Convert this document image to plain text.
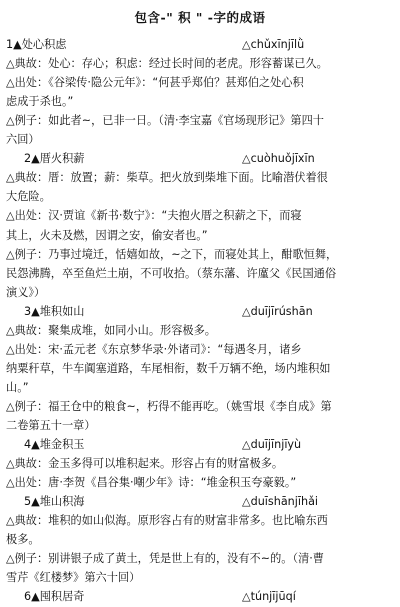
包含-" 积 " -字的成语
1▲处心积虑	△chǔxīnjīlǜ
△典故：处心：存心；积虑：经过长时间的老虎。形容蓄谋已久。
△出处：《谷梁传·隐公元年》：“何甚乎郑伯？甚郑伯之处心积
虑成于杀也。”
△例子：如此者~，已非一日。（清·李宝嘉《官场现形记》第四十
六回）
2▲厝火积薪	△cuòhuǒjīxīn
△典故：厝：放置；薪：柴草。把火放到柴堆下面。比喻潜伏着很
大危险。
△出处：汉·贾谊《新书·数宁》：“夫抱火厝之积薪之下，而寝
其上，火未及燃，因谓之安，偷安者也。”
△例子：乃事过境迁，恬嬉如故，~之下，而寝处其上，酣歌恒舞，
民怨沸腾，卒至鱼烂土崩，不可收拾。（蔡东藩、许廑父《民国通俗
演义》）
3▲堆积如山	△duījīrúshān
△典故：聚集成堆，如同小山。形容极多。
△出处：宋·孟元老《东京梦华录·外诸司》：“每遇冬月，诸乡
纳粟秆草，牛车阗塞道路，车尾相衔，数千万辆不绝，场内堆积如
山。”
△例子：福王仓中的粮食~，朽得不能再吃。（姚雪垠《李自成》第
二卷第五十一章）
4▲堆金积玉	△duījīnjīyù
△典故：金玉多得可以堆积起来。形容占有的财富极多。
△出处：唐·李贺《昌谷集·嘲少年》诗：“堆金积玉夸豪毅。”
5▲堆山积海	△duīshānjīhǎi
△典故：堆积的如山似海。原形容占有的财富非常多。也比喻东西
极多。
△例子：别讲银子成了黄土，凭是世上有的，没有不~的。（清·曹
雪芹《红楼梦》第六十回）
6▲囤积居奇	△túnjījūqí
